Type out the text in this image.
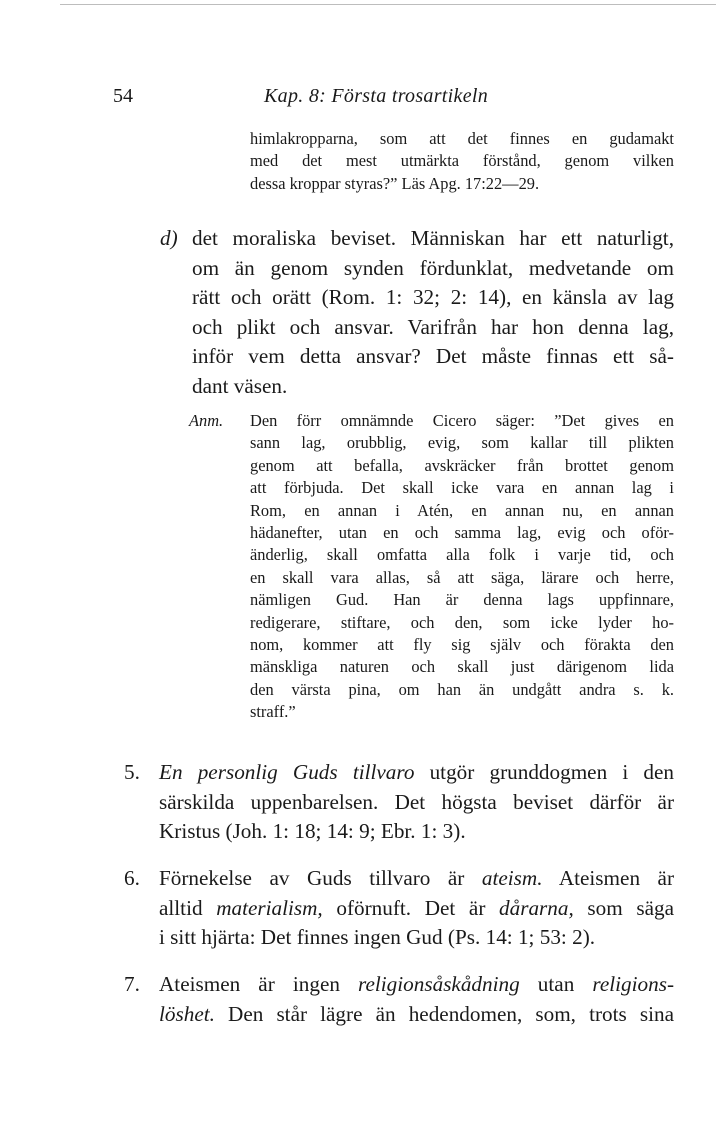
54	Kap. 8: Första trosartikeln
himlakropparna, som att det finnes en gudamakt
med det mest utmärkta förstånd, genom vilken
dessa kroppar styras?” Läs Apg. 17:22—29.
d) det moraliska beviset. Människan har ett naturligt,
om än genom synden fördunklat, medvetande om
rätt och orätt (Rom. 1: 32; 2: 14), en känsla av lag
och plikt och ansvar. Varifrån har hon denna lag,
inför vem detta ansvar? Det måste finnas ett så-
dant väsen.
Anm. Den förr omnämnde Cicero säger: ”Det gives en
sann lag, orubblig, evig, som kallar till plikten
genom att befalla, avskräcker från brottet genom
att förbjuda. Det skall icke vara en annan lag i
Rom, en annan i Atén, en annan nu, en annan
hädanefter, utan en och samma lag, evig och oför-
änderlig, skall omfatta alla folk i varje tid, och
en skall vara allas, så att säga, lärare och herre,
nämligen Gud. Han är denna lags uppfinnare,
redigerare, stiftare, och den, som icke lyder ho-
nom, kommer att fly sig själv och förakta den
mänskliga naturen och skall just därigenom lida
den värsta pina, om han än undgått andra s. k.
straff.”
5. En personlig Guds tillvaro utgör grunddogmen i den
särskilda uppenbarelsen. Det högsta beviset därför är
Kristus (Joh. 1: 18; 14: 9; Ebr. 1: 3).
6. Förnekelse av Guds tillvaro är ateism. Ateismen är
alltid materialism, oförnuft. Det är dårarna, som säga
i sitt hjärta: Det finnes ingen Gud (Ps. 14: 1; 53: 2).
7. Ateismen är ingen religionsåskådning utan religions-
löshet. Den står lägre än hedendomen, som, trots sina
